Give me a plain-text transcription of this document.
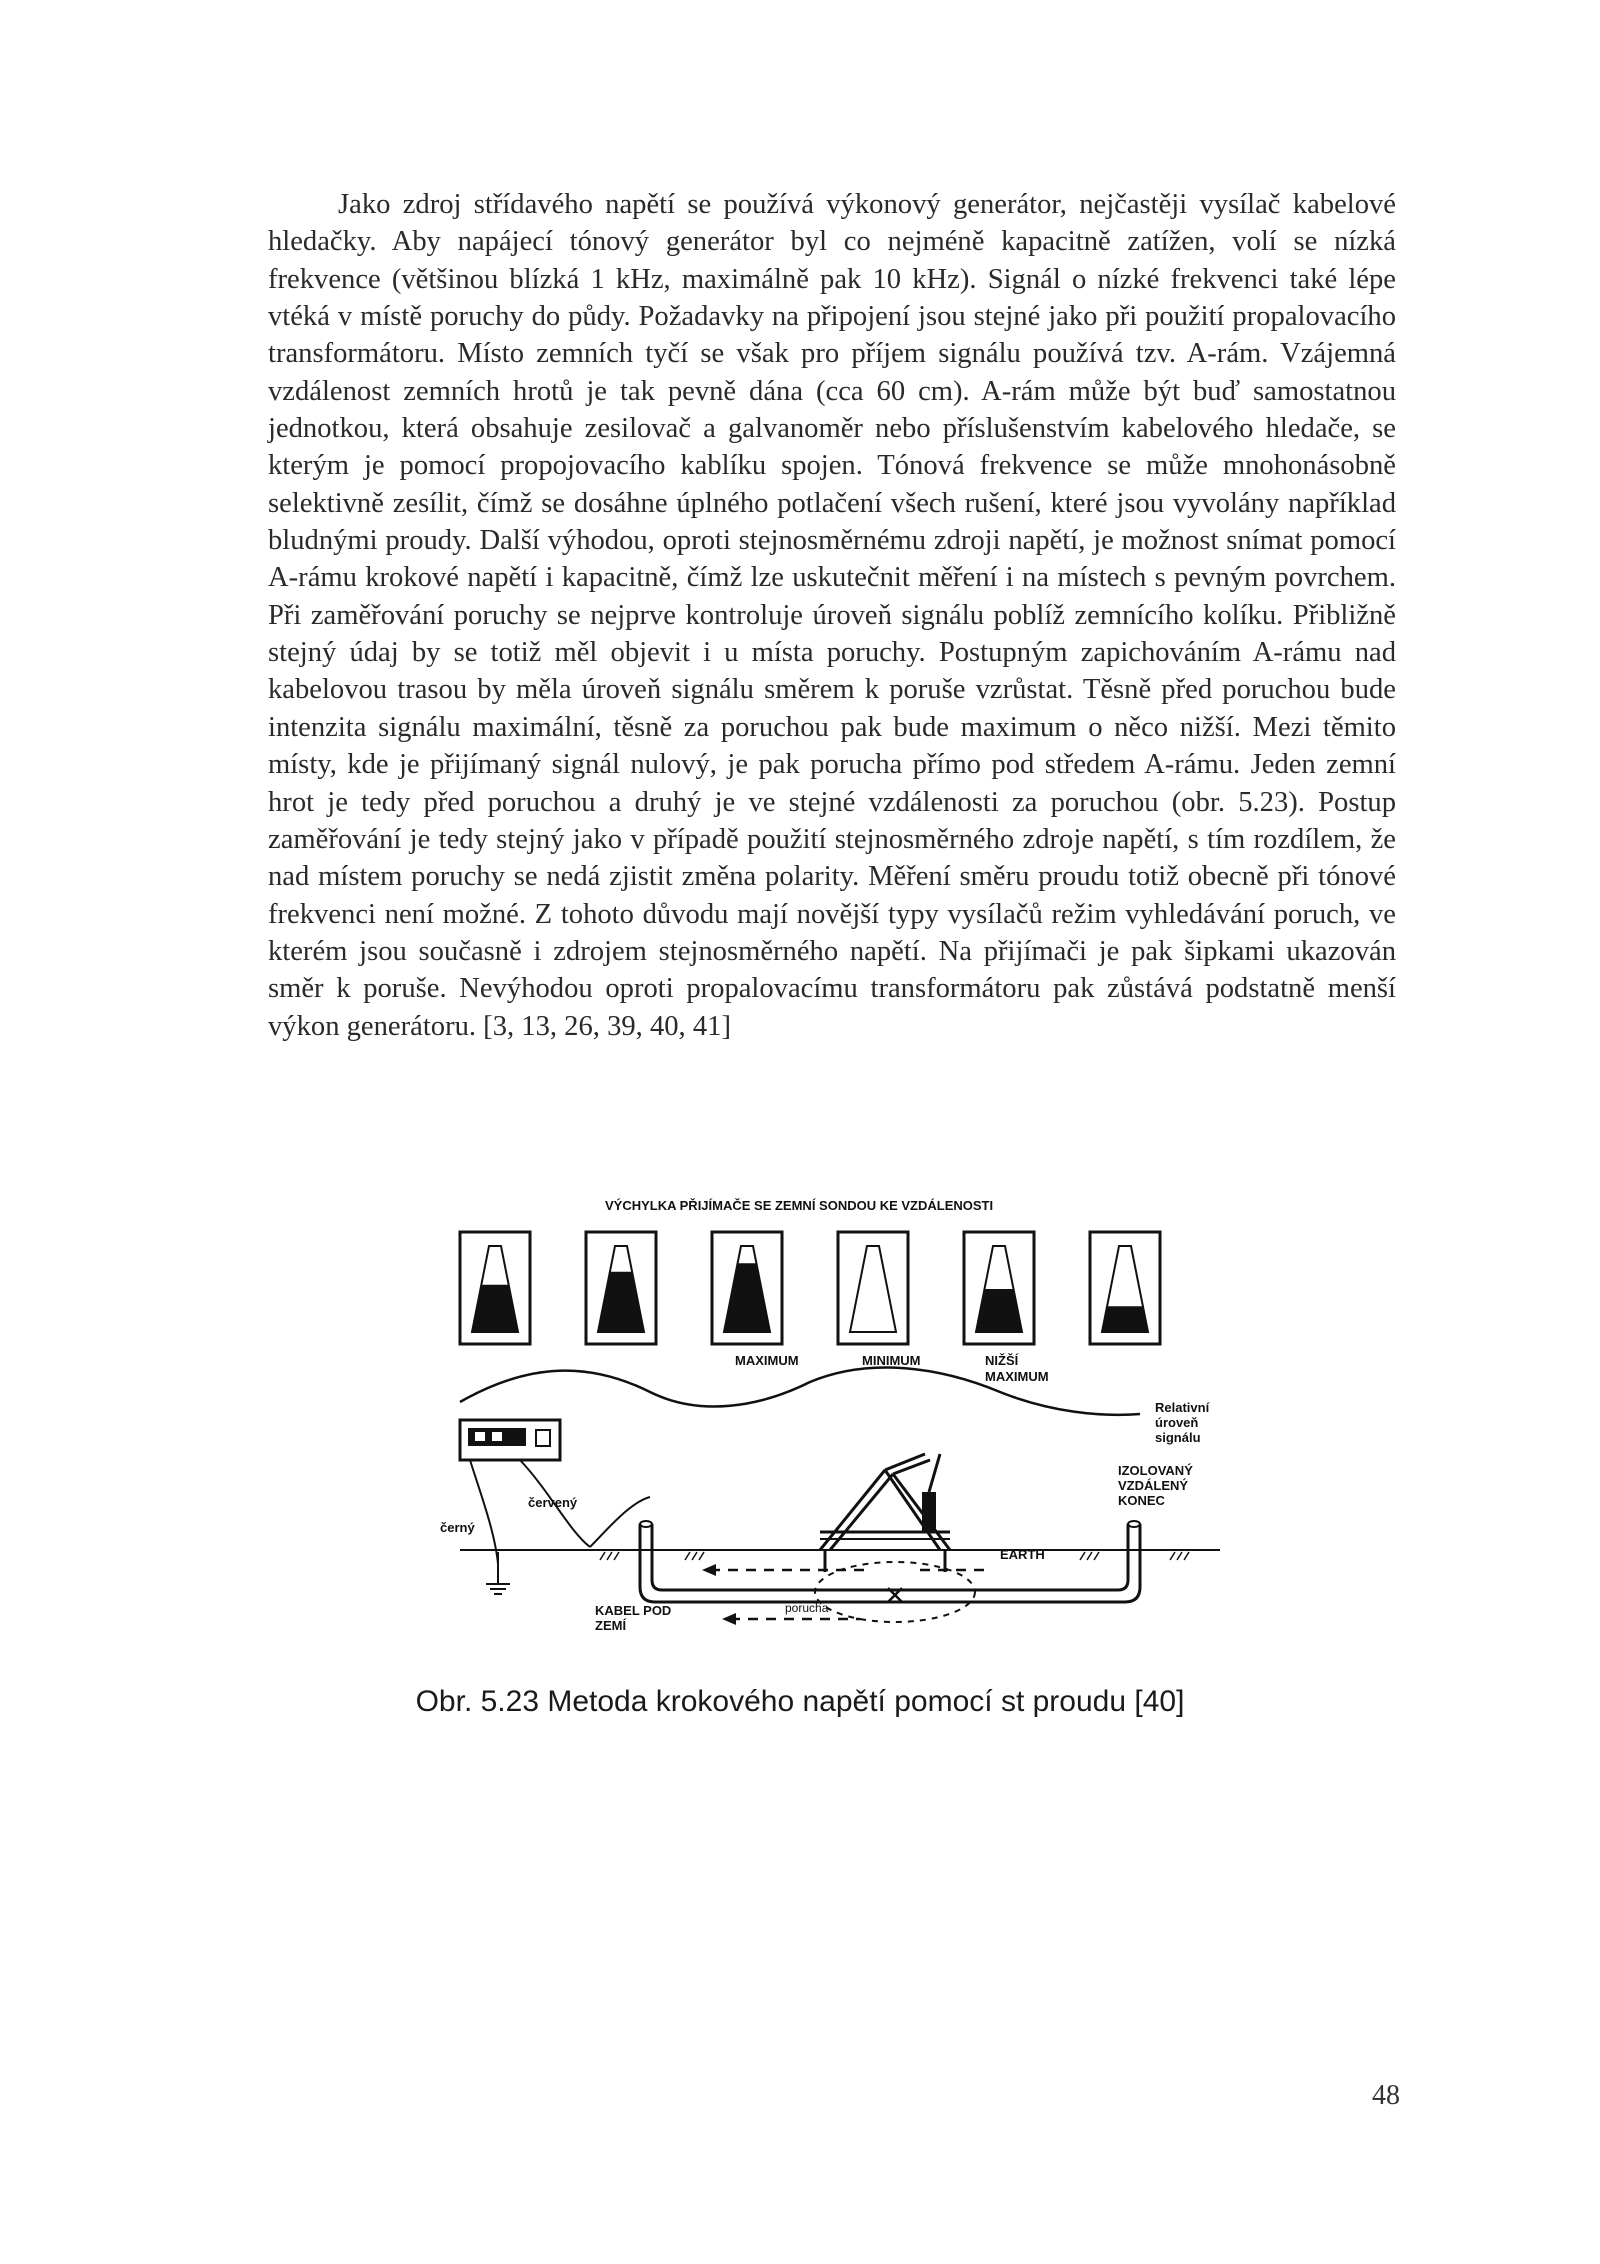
Jako zdroj střídavého napětí se používá výkonový generátor, nejčastěji vysílač kabelové hledačky. Aby napájecí tónový generátor byl co nejméně kapacitně zatížen, volí se nízká frekvence (většinou blízká 1 kHz, maximálně pak 10 kHz). Signál o nízké frekvenci také lépe vtéká v místě poruchy do půdy. Požadavky na připojení jsou stejné jako při použití propalovacího transformátoru. Místo zemních tyčí se však pro příjem signálu používá tzv. A-rám. Vzájemná vzdálenost zemních hrotů je tak pevně dána (cca 60 cm). A-rám může být buď samostatnou jednotkou, která obsahuje zesilovač a galvanoměr nebo příslušenstvím kabelového hledače, se kterým je pomocí propojovacího kablíku spojen. Tónová frekvence se může mnohonásobně selektivně zesílit, čímž se dosáhne úplného potlačení všech rušení, které jsou vyvolány například bludnými proudy. Další výhodou, oproti stejnosměrnému zdroji napětí, je možnost snímat pomocí A-rámu krokové napětí i kapacitně, čímž lze uskutečnit měření i na místech s pevným povrchem. Při zaměřování poruchy se nejprve kontroluje úroveň signálu poblíž zemnícího kolíku. Přibližně stejný údaj by se totiž měl objevit i u místa poruchy. Postupným zapichováním A-rámu nad kabelovou trasou by měla úroveň signálu směrem k poruše vzrůstat. Těsně před poruchou bude intenzita signálu maximální, těsně za poruchou pak bude maximum o něco nižší. Mezi těmito místy, kde je přijímaný signál nulový, je pak porucha přímo pod středem A-rámu. Jeden zemní hrot je tedy před poruchou a druhý je ve stejné vzdálenosti za poruchou (obr. 5.23). Postup zaměřování je tedy stejný jako v případě použití stejnosměrného zdroje napětí, s tím rozdílem, že nad místem poruchy se nedá zjistit změna polarity. Měření směru proudu totiž obecně při tónové frekvenci není možné. Z tohoto důvodu mají novější typy vysílačů režim vyhledávání poruch, ve kterém jsou současně i zdrojem stejnosměrného napětí. Na přijímači je pak šipkami ukazován směr k poruše. Nevýhodou oproti propalovacímu transformátoru pak zůstává podstatně menší výkon generátoru. [3, 13, 26, 39, 40, 41]

VÝCHYLKA PŘIJÍMAČE SE ZEMNÍ SONDOU KE VZDÁLENOSTI
MAXIMUM	MINIMUM	NIŽŠÍ
MAXIMUM
Relativní
úroveň
signálu
červený
černý
EARTH
IZOLOVANÝ
VZDÁLENÝ
KONEC
KABEL POD
ZEMÍ
porucha
Obr. 5.23 Metoda krokového napětí pomocí st proudu [40]
48
